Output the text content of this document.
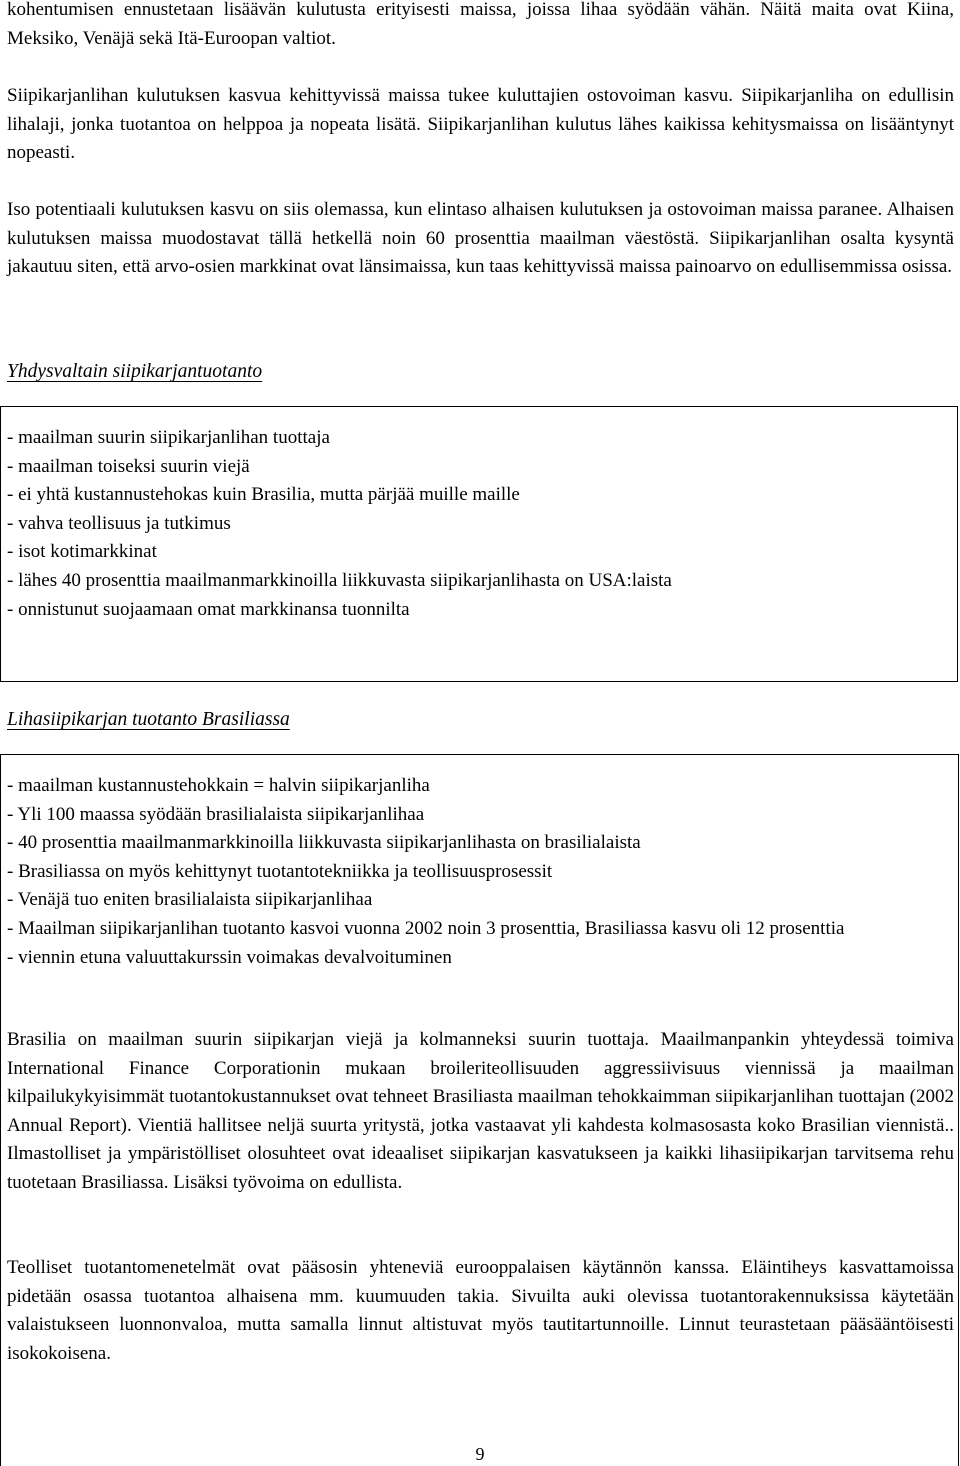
kohentumisen ennustetaan lisäävän kulutusta erityisesti maissa, joissa lihaa syödään vähän. Näitä maita ovat Kiina, Meksiko, Venäjä sekä Itä-Euroopan valtiot.

Siipikarjanlihan kulutuksen kasvua kehittyvissä maissa tukee kuluttajien ostovoiman kasvu. Siipikarjanliha on edullisin lihalaji, jonka tuotantoa on helppoa ja nopeata lisätä. Siipikarjanlihan kulutus lähes kaikissa kehitysmaissa on lisääntynyt nopeasti.

Iso potentiaali kulutuksen kasvu on siis olemassa, kun elintaso alhaisen kulutuksen ja ostovoiman maissa paranee. Alhaisen kulutuksen maissa muodostavat tällä hetkellä noin 60 prosenttia maailman väestöstä. Siipikarjanlihan osalta kysyntä jakautuu siten, että arvo-osien markkinat ovat länsimaissa, kun taas kehittyvissä maissa painoarvo on edullisemmissa osissa.

Yhdysvaltain siipikarjantuotanto

- maailman suurin siipikarjanlihan tuottaja
- maailman toiseksi suurin viejä
- ei yhtä kustannustehokas kuin Brasilia, mutta pärjää muille maille
- vahva teollisuus ja tutkimus
- isot kotimarkkinat
- lähes 40 prosenttia maailmanmarkkinoilla liikkuvasta siipikarjanlihasta on USA:laista
- onnistunut suojaamaan omat markkinansa tuonnilta

Lihasiipikarjan tuotanto Brasiliassa

- maailman kustannustehokkain = halvin siipikarjanliha
- Yli 100 maassa syödään brasilialaista siipikarjanlihaa
- 40 prosenttia maailmanmarkkinoilla liikkuvasta siipikarjanlihasta on brasilialaista
- Brasiliassa on myös kehittynyt tuotantotekniikka ja teollisuusprosessit
- Venäjä tuo eniten brasilialaista siipikarjanlihaa
- Maailman siipikarjanlihan tuotanto kasvoi vuonna 2002 noin 3 prosenttia, Brasiliassa kasvu oli 12 prosenttia
- viennin etuna valuuttakurssin voimakas devalvoituminen

Brasilia on maailman suurin siipikarjan viejä ja kolmanneksi suurin tuottaja. Maailmanpankin yhteydessä toimiva International Finance Corporationin mukaan broileriteollisuuden aggressiivisuus viennissä ja maailman kilpailukykyisimmät tuotantokustannukset ovat tehneet Brasiliasta maailman tehokkaimman siipikarjanlihan tuottajan (2002 Annual Report). Vientiä hallitsee neljä suurta yritystä, jotka vastaavat yli kahdesta kolmasosasta koko Brasilian viennistä.. Ilmastolliset ja ympäristölliset olosuhteet ovat ideaaliset siipikarjan kasvatukseen ja kaikki lihasiipikarjan tarvitsema rehu tuotetaan Brasiliassa. Lisäksi työvoima on edullista.

Teolliset tuotantomenetelmät ovat pääsosin yhteneviä eurooppalaisen käytännön kanssa. Eläintiheys kasvattamoissa pidetään osassa tuotantoa alhaisena mm. kuumuuden takia. Sivuilta auki olevissa tuotantorakennuksissa käytetään valaistukseen luonnonvaloa, mutta samalla linnut altistuvat myös tautitartunnoille. Linnut teurastetaan pääsääntöisesti isokokoisena.

9
